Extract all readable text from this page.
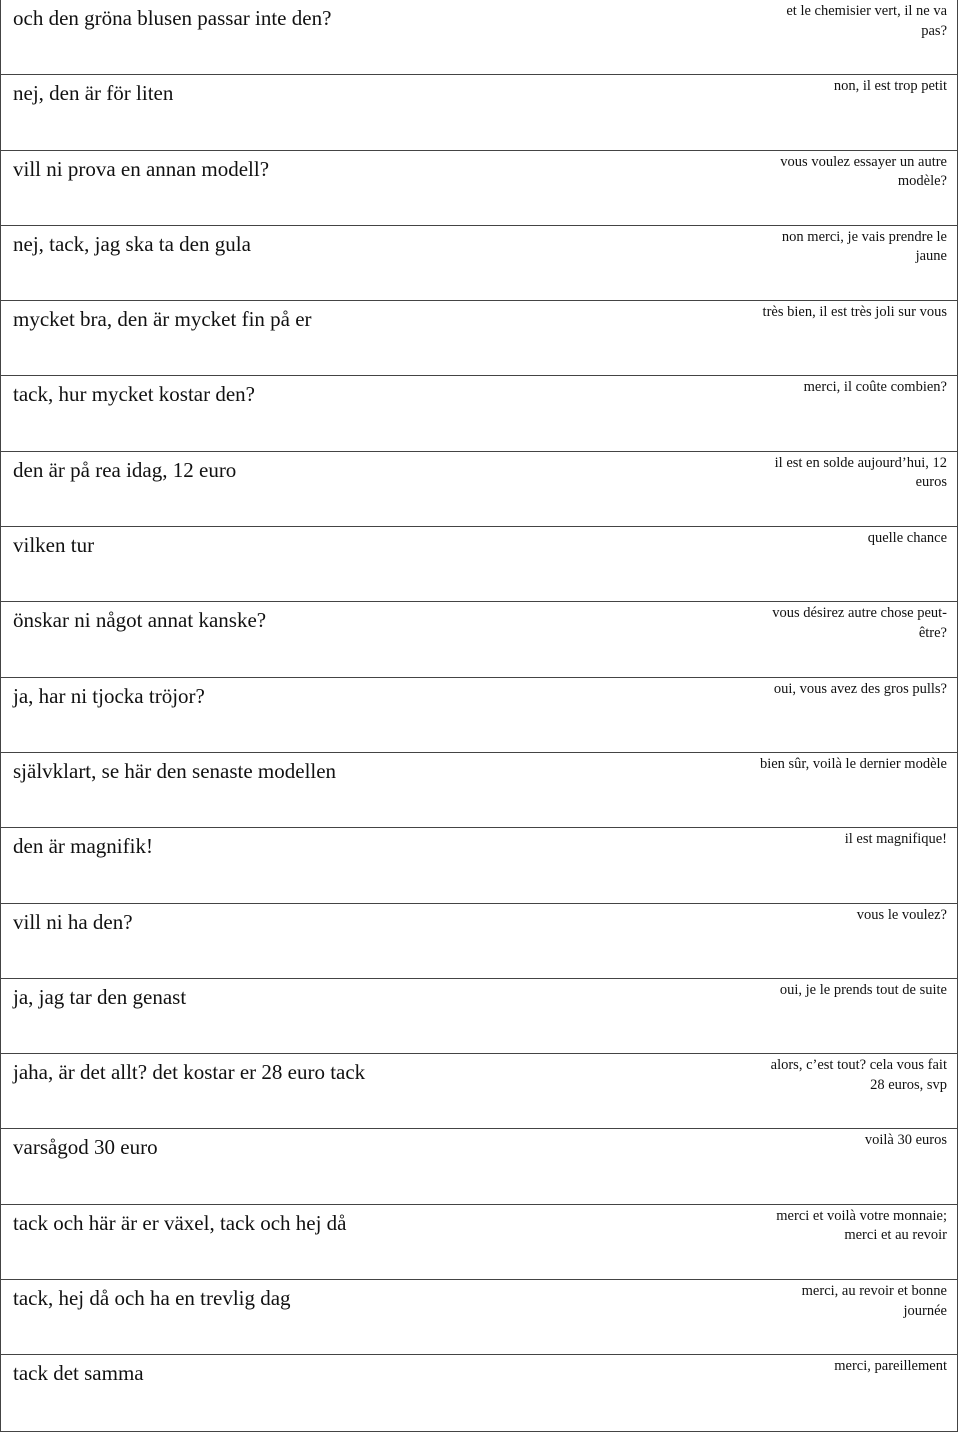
och den gröna blusen passar inte den?	et le chemisier vert, il ne va pas?
nej, den är för liten	non, il est trop petit
vill ni prova en annan modell?	vous voulez essayer un autre modèle?
nej, tack, jag ska ta den gula	non merci, je vais prendre le jaune
mycket bra, den är mycket fin på er	très bien, il est très joli sur vous
tack, hur mycket kostar den?	merci, il coûte combien?
den är på rea idag, 12 euro	il est en solde aujourd’hui, 12 euros
vilken tur	quelle chance
önskar ni något annat kanske?	vous désirez autre chose peut-être?
ja, har ni tjocka tröjor?	oui, vous avez des gros pulls?
självklart, se här den senaste modellen	bien sûr, voilà le dernier modèle
den är magnifik!	il est magnifique!
vill ni ha den?	vous le voulez?
ja, jag tar den genast	oui, je le prends tout de suite
jaha, är det allt? det kostar er 28 euro tack	alors, c’est tout? cela vous fait 28 euros, svp
varsågod 30 euro	voilà 30 euros
tack och här är er växel, tack och hej då	merci et voilà votre monnaie; merci et au revoir
tack, hej då och ha en trevlig dag	merci, au revoir et bonne journée
tack det samma	merci, pareillement
